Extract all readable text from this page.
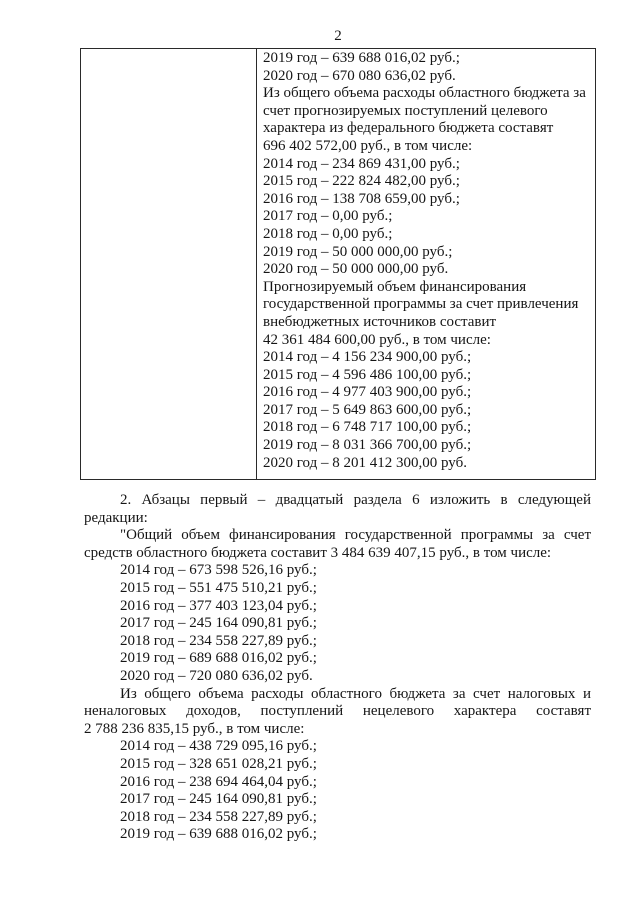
2
2019 год – 639 688 016,02 руб.;
2020 год – 670 080 636,02 руб.
Из общего объема расходы областного бюджета за
счет прогнозируемых поступлений целевого
характера из федерального бюджета составят
696 402 572,00 руб., в том числе:
2014 год – 234 869 431,00 руб.;
2015 год – 222 824 482,00 руб.;
2016 год – 138 708 659,00 руб.;
2017 год – 0,00 руб.;
2018 год – 0,00 руб.;
2019 год – 50 000 000,00 руб.;
2020 год – 50 000 000,00 руб.
Прогнозируемый объем финансирования
государственной программы за счет привлечения
внебюджетных источников составит
42 361 484 600,00 руб., в том числе:
2014 год – 4 156 234 900,00 руб.;
2015 год – 4 596 486 100,00 руб.;
2016 год – 4 977 403 900,00 руб.;
2017 год – 5 649 863 600,00 руб.;
2018 год – 6 748 717 100,00 руб.;
2019 год – 8 031 366 700,00 руб.;
2020 год – 8 201 412 300,00 руб.
2. Абзацы первый – двадцатый раздела 6 изложить в следующей
редакции:
"Общий объем финансирования государственной программы за счет
средств областного бюджета составит 3 484 639 407,15 руб., в том числе:
2014 год – 673 598 526,16 руб.;
2015 год – 551 475 510,21 руб.;
2016 год – 377 403 123,04 руб.;
2017 год – 245 164 090,81 руб.;
2018 год – 234 558 227,89 руб.;
2019 год – 689 688 016,02 руб.;
2020 год – 720 080 636,02 руб.
Из общего объема расходы областного бюджета за счет налоговых и
неналоговых доходов, поступлений нецелевого характера составят
2 788 236 835,15 руб., в том числе:
2014 год – 438 729 095,16 руб.;
2015 год – 328 651 028,21 руб.;
2016 год – 238 694 464,04 руб.;
2017 год – 245 164 090,81 руб.;
2018 год – 234 558 227,89 руб.;
2019 год – 639 688 016,02 руб.;
